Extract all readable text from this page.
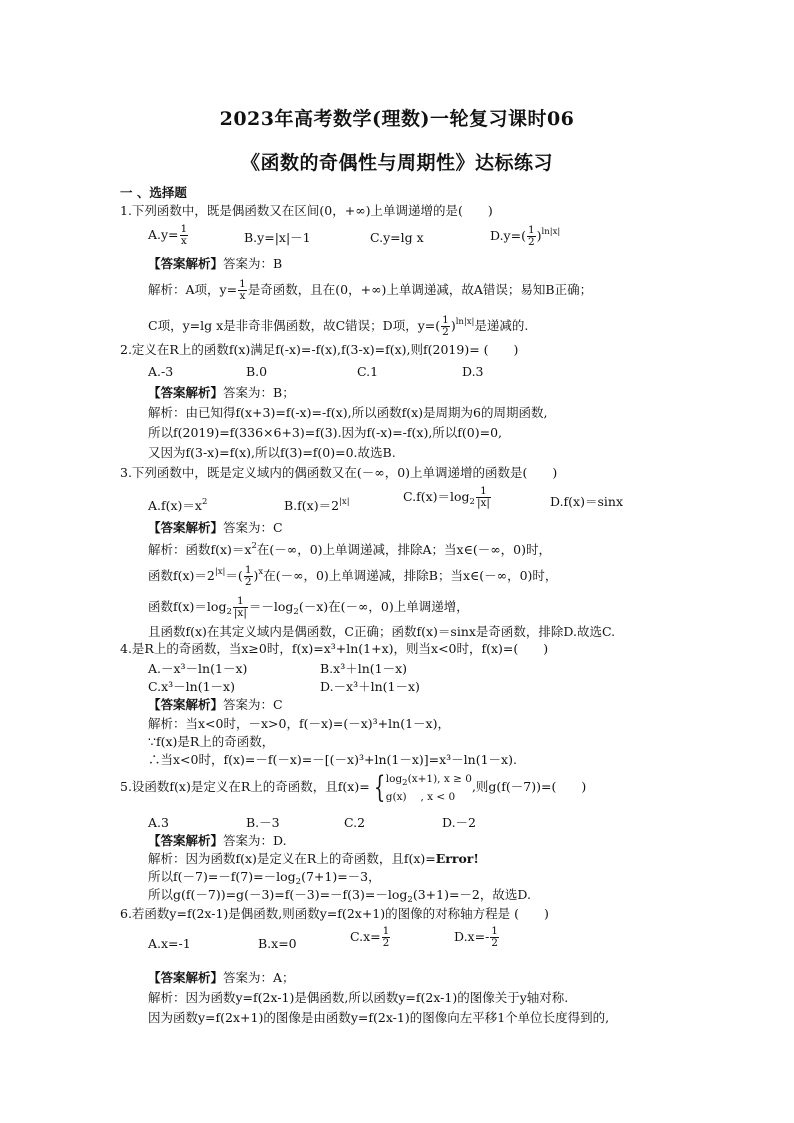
2023年高考数学(理数)一轮复习课时06
《函数的奇偶性与周期性》达标练习
一 、选择题
1.下列函数中，既是偶函数又在区间(0，+∞)上单调递增的是(　　)
$A.y= \frac{1}{x}$	B.y=|x|－1	C.y=lg x	$D.y=( \frac{1}{2} )^{ln|x|}$
【答案解析】答案为：B
解析：A项，$y= \frac{1}{x}$ 是奇函数，且在(0，+∞)上单调递减，故A错误；易知B正确；
C项，y=lg x是非奇非偶函数，故C错误；D项，$y=( \frac{1}{2} )^{ln|x|}$是递减的.
2.定义在R上的函数f(x)满足f(-x)=-f(x),f(3-x)=f(x),则f(2019)= (　　)
A.-3	B.0	C.1	D.3
【答案解析】答案为：B；
解析：由已知得f(x+3)=f(-x)=-f(x),所以函数f(x)是周期为6的周期函数,
所以f(2019)=f(336×6+3)=f(3).因为f(-x)=-f(x),所以f(0)=0,
又因为f(3-x)=f(x),所以f(3)=f(0)=0.故选B.
3.下列函数中，既是定义域内的偶函数又在(－∞，0)上单调递增的函数是(　　)
$A.f(x)=x^2$	$B.f(x)=2^{|x|}$	$C.f(x)=\log_2 \frac{1}{|x|}$	D.f(x)＝sinx
【答案解析】答案为：C
解析：函数$f(x)=x^2$在(－∞，0)上单调递减，排除A；当x∈(－∞，0)时，
函数$f(x)=2^{|x|}=( \frac{1}{2} )^x$在(－∞，0)上单调递减，排除B；当x∈(－∞，0)时，
函数$f(x)=\log_2 \frac{1}{|x|} =-\log_2(-x)$在(－∞，0)上单调递增，
且函数f(x)在其定义域内是偶函数，C正确；函数f(x)＝sinx是奇函数，排除D.故选C.
4.是R上的奇函数，当x≥0时，f(x)=x³+ln(1+x)，则当x<0时，f(x)=(　　)
A.－x³－ln(1－x)	B.x³＋ln(1－x)
C.x³－ln(1－x)	D.－x³＋ln(1－x)
【答案解析】答案为：C
解析：当x<0时，－x>0，f(－x)=(－x)³+ln(1－x)，
∵f(x)是R上的奇函数，
∴当x<0时，f(x)=－f(－x)=－[(－x)³+ln(1－x)]=x³－ln(1－x).
5.设函数f(x)是定义在R上的奇函数，且f(x)= { $\log_2(x+1)$, x ≥ 0
g(x)　 , x < 0
,则g(f(－7))=(　　)
A.3	B.－3	C.2	D.－2
【答案解析】答案为：D.
解析：因为函数f(x)是定义在R上的奇函数，且f(x)=Error!
所以$f(-7)=-f(7)=-\log_2(7+1)=-3$，
所以$g(f(-7))=g(-3)=f(-3)=-f(3)=-\log_2(3+1)=-2$，故选D.
6.若函数y=f(2x-1)是偶函数,则函数y=f(2x+1)的图像的对称轴方程是 (　　)
A.x=-1	B.x=0	$C.x= \frac{1}{2}$	$D.x=- \frac{1}{2}$
【答案解析】答案为：A；
解析：因为函数y=f(2x-1)是偶函数,所以函数y=f(2x-1)的图像关于y轴对称.
因为函数y=f(2x+1)的图像是由函数y=f(2x-1)的图像向左平移1个单位长度得到的,
